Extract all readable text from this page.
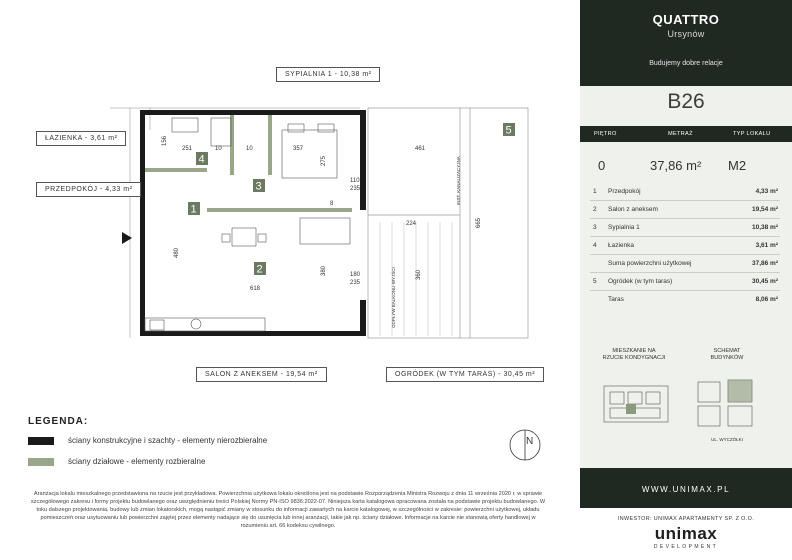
1
2
3
4
5
251
156
10	10	357
275
461
110
235
8
224
480
618
380	180
235
360
665
INST. KANALIZACYJNA
ODPŁYW BALKONU-WYJŚCI
SYPIALNIA 1 - 10,38 m²
ŁAZIENKA - 3,61 m²
PRZEDPOKÓJ - 4,33 m²
SALON Z ANEKSEM - 19,54 m²	OGRÓDEK (W TYM TARAS) - 30,45 m²
N
LEGENDA:
ściany konstrukcyjne i szachty - elementy nierozbieralne
ściany działowe - elementy rozbieralne
Aranżacja lokalu mieszkalnego przedstawiona na rzucie jest przykładowa. Powierzchnia użytkowa lokalu określona jest na podstawie Rozporządzenia Ministra Rozwoju z dnia 11 września 2020 r. w sprawie szczegółowego zakresu i formy projektu budowlanego oraz uwzględnieniu treści Polskiej Normy PN-ISO 9836:2022-07. Niniejsza karta katalogowa opracowana została na podstawie projektu budowlanego. W toku dalszego projektowania, budowy lub zmian lokatorskich, mogą nastąpić zmiany w stosunku do informacji zawartych na karcie katalogowej, w szczególności w zakresie: powierzchni użytkowej, układu pomieszczeń oraz usytuowaniu lub powierzchni zajętej przez elementy nadające się do usunięcia lub innej aranżacji, takie jak np. ściany działowe. Informacje na karcie nie stanowią oferty handlowej w rozumieniu art. 66 kodeksu cywilnego.
QUATTRO
Ursynów
Budujemy dobre relacje
B26
PIĘTRO	METRAŻ	TYP LOKALU
0	37,86 m² M2
1 Przedpokój	4,33 m²
2 Salon z aneksem	19,54 m²
3 Sypialnia 1	10,38 m²
4 Łazienka	3,61 m²
Suma powierzchni użytkowej	37,86 m²
5 Ogródek (w tym taras)	30,45 m²
Taras	8,06 m²
MIESZKANIE NA
RZUCIE KONDYGNACJI
SCHEMAT
BUDYNKÓW
UL. WYCZÓŁKI
WWW.UNIMAX.PL
INWESTOR: UNIMAX APARTAMENTY SP. Z O.O.
unimax
DEVELOPMENT
